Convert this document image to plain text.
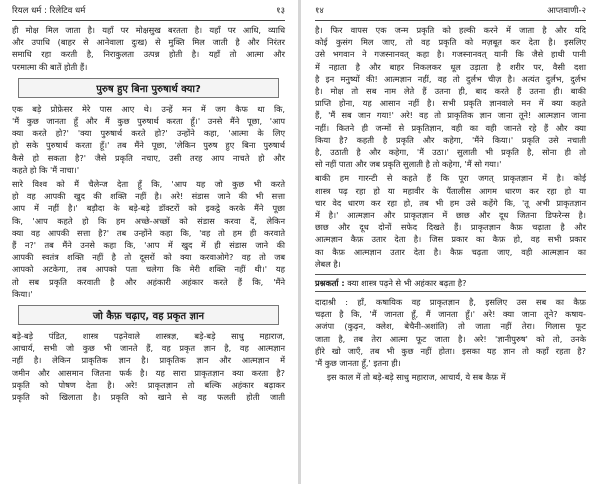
रियल धर्म : रिलेटिव धर्म	१३
ही मोक्ष मिल जाता है। यहाँ पर मोक्षसुख बरतता है। यहाँ पर आधि, व्याधि
और उपाधि (बाहर से आनेवाला दुःख) से मुक्ति मिल जाती है और निरंतर
समाधि रहा करती है, निराकुलता उत्पन्न होती है। यहाँ तो आत्मा और
परमात्मा की बातें होती हैं।
पुरुष हुए बिना पुरुषार्थ क्या?
एक बड़े प्रोफ़ेसर मेरे पास आए थे। उन्हें मन में जग कैफ था कि,
'मैं कुछ जानता हूँ और मैं कुछ पुरुषार्थ करता हूँ।' उनसे मैंने पूछा, 'आप
क्या करते हो?' 'क्या पुरुषार्थ करते हो?' उन्होंने कहा, 'आत्मा के लिए
हो सके पुरुषार्थ करता हूँ।' तब मैंने पूछा, 'लेकिन पुरुष हुए बिना पुरुषार्थ
कैसे हो सकता है?' जैसे प्रकृति नचाए, उसी तरह आप नाचते हो और
कहते हो कि 'मैं नाचा।'
सारे विश्व को मैं चैलेन्ज देता हूँ कि, 'आप यह जो कुछ भी करते
हो वह आपकी खुद की शक्ति नहीं है। अरे! संडास जाने की भी सत्ता
आप में नहीं है।' बड़ौदा के बड़े-बड़े डॉक्टरों को इकट्ठे करके मैंने पूछा
कि, 'आप कहते हो कि हम अच्छे-अच्छों को संडास करवा दें, लेकिन
क्या वह आपकी सत्ता है?' तब उन्होंने कहा कि, 'वह तो हम ही करवाते
हैं न?' तब मैंने उनसे कहा कि, 'आप में खुद में ही संडास जाने की
आपकी स्वतंत्र शक्ति नहीं है तो दूसरों को क्या करवाओगे? वह तो जब
आपको अटकेगा, तब आपको पता चलेगा कि मेरी शक्ति नहीं थी।' यह
तो सब प्रकृति करवाती है और अहंकारी अहंकार करते हैं कि, 'मैंने
किया।'
जो कैफ़ चढ़ाए, वह प्रकृत ज्ञान
बड़े-बड़े पंडित, शास्त्र पढ़नेवाले शास्त्रज्ञ, बड़े-बड़े साधु महाराज,
आचार्य, सभी जो कुछ भी जानते हैं, वह प्रकृत ज्ञान है, वह आत्मज्ञान
नहीं है। लेकिन प्राकृतिक ज्ञान है। प्राकृतिक ज्ञान और आत्मज्ञान में
जमीन और आसमान जितना फर्क है। यह सारा प्राकृतज्ञान क्या करता है?
प्रकृति को पोषण देता है। अरे! प्राकृतज्ञान तो बल्कि अहंकार बढ़ाकर
प्रकृति को खिलाता है। प्रकृति को खाने से वह फलती होती जाती
१४	आप्तवाणी-२
है। फिर वापस एक जन्म प्रकृति को हल्की करने में जाता है और यदि
कोई कुसंग मिल जाए, तो वह प्रकृति को मज़बूत कर देता है। इसलिए
उसे भगवान ने गजस्नानवत् कहा है। गजस्नानवत् यानी कि जैसे हाथी पानी
में नहाता है और बाहर निकलकर धूल उड़ाता है शरीर पर, वैसी दशा
है इन मनुष्यों की! आत्मज्ञान नहीं, वह तो दुर्लभ चीज़ है। अत्यंत दुर्लभ, दुर्लभ
है। मोक्ष तो सब नाम लेते हैं उतना ही, बाद करते हैं उतना ही। बाकी
प्राप्ति होना, यह आसान नहीं है। सभी प्रकृति ज्ञानवाले मन में क्या कहते
हैं, 'मैं सब जान गया!' अरे! वह तो प्राकृतिक ज्ञान जाना तूने! आत्मज्ञान जाना
नहीं। कितने ही जन्मों से प्रकृतिज्ञान, वही का वही जानते रहे हैं और क्या
किया है? कहती है प्रकृति और कहेगा, 'मैंने किया।' प्रकृति उसे नचाती
है, उठाती है और कहेगा, 'मैं उठा।' सुलाती भी प्रकृति है, सोना ही तो
सो नहीं पाता और जब प्रकृति सुलाती है तो कहेगा, 'मैं सो गया।'
बाकी हम गारन्टी से कहते हैं कि पूरा जगत् प्राकृतज्ञान में है। कोई
शास्त्र पढ़ रहा हो या महावीर के पैंतालीस आगम धारण कर रहा हो या
चार वेद धारण कर रहा हो, तब भी हम उसे कहेंगे कि, 'तू अभी प्राकृतज्ञान
में है।' आत्मज्ञान और प्राकृतज्ञान में छाछ और दूध जितना डिफरेन्स है।
छाछ और दूध दोनों सफेद दिखते हैं। प्राकृतज्ञान कैफ़ चढ़ाता है और
आत्मज्ञान कैफ़ उतार देता है। जिस प्रकार का कैफ़ हो, वह सभी प्रकार
का कैफ़ आत्मज्ञान उतार देता है। कैफ़ चढ़ता जाए, वही आत्मज्ञान का
लेबल है।
प्रश्नकर्ता : क्या शास्त्र पढ़ने से भी अहंकार बढ़ता है?
दादाश्री : हाँ, कषायिक वह प्राकृतज्ञान है, इसलिए उस सब का कैफ़
चढ़ता है कि, 'मैं जानता हूँ, मैं जानता हूँ।' अरे! क्या जाना तूने? कषाय-
अजंपा (कुढ़न, क्लेश, बेचैनी-अशांति) तो जाता नहीं तेरा। गिलास फूट
जाता है, तब तेरा आत्मा फूट जाता है। अरे! 'ज्ञानीपुरुष' को तो, उनके
हीरे खो जाएँ, तब भी कुछ नहीं होता। इसका यह ज्ञान तो कहाँ रहता है?
'मैं कुछ जानता हूँ,' इतना ही।
इस काल में तो बड़े-बड़े साधु महाराज, आचार्य, ये सब कैफ़ में
